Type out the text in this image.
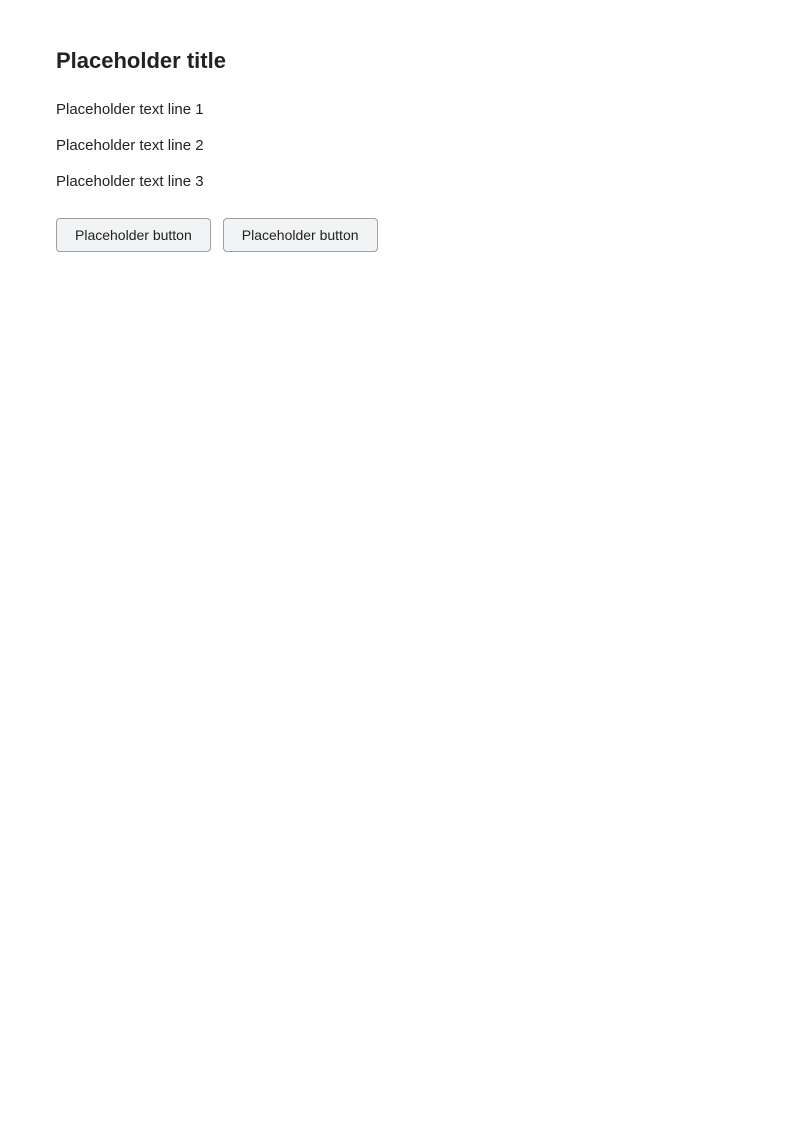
Placeholder title

Placeholder text line 1

Placeholder text line 2

Placeholder text line 3

Placeholder button	Placeholder button
